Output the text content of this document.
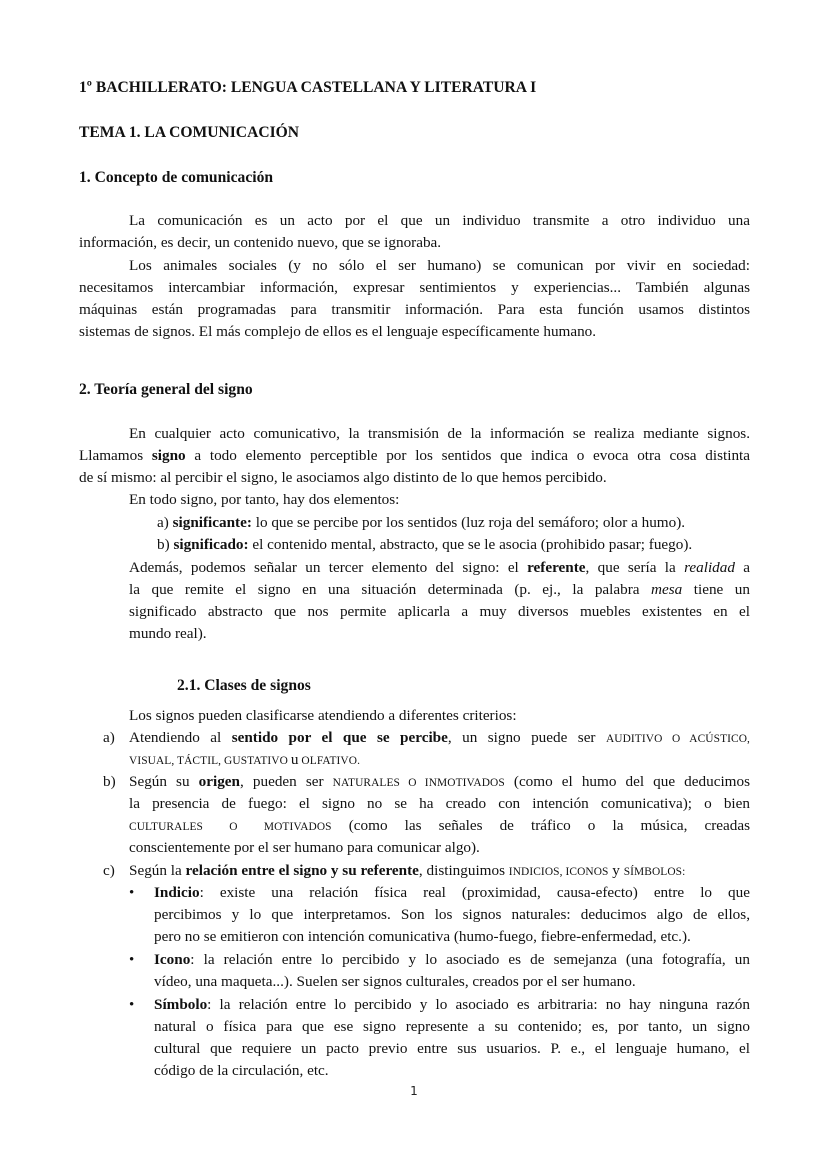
1º BACHILLERATO: LENGUA CASTELLANA Y LITERATURA I
TEMA 1. LA COMUNICACIÓN
1. Concepto de comunicación
La comunicación es un acto por el que un individuo transmite a otro individuo una
información, es decir, un contenido nuevo, que se ignoraba.
Los animales sociales (y no sólo el ser humano) se comunican por vivir en sociedad:
necesitamos intercambiar información, expresar sentimientos y experiencias... También algunas
máquinas están programadas para transmitir información. Para esta función usamos distintos
sistemas de signos. El más complejo de ellos es el lenguaje específicamente humano.
2. Teoría general del signo
En cualquier acto comunicativo, la transmisión de la información se realiza mediante signos.
Llamamos signo a todo elemento perceptible por los sentidos que indica o evoca otra cosa distinta
de sí mismo: al percibir el signo, le asociamos algo distinto de lo que hemos percibido.
En todo signo, por tanto, hay dos elementos:
a) significante: lo que se percibe por los sentidos (luz roja del semáforo; olor a humo).
b) significado: el contenido mental, abstracto, que se le asocia (prohibido pasar; fuego).
Además, podemos señalar un tercer elemento del signo: el referente, que sería la realidad a
la que remite el signo en una situación determinada (p. ej., la palabra mesa tiene un
significado abstracto que nos permite aplicarla a muy diversos muebles existentes en el
mundo real).
2.1. Clases de signos
Los signos pueden clasificarse atendiendo a diferentes criterios:
a) Atendiendo al sentido por el que se percibe, un signo puede ser AUDITIVO O ACÚSTICO,
VISUAL, TÁCTIL, GUSTATIVO u OLFATIVO.
b) Según su origen, pueden ser NATURALES O INMOTIVADOS (como el humo del que deducimos
la presencia de fuego: el signo no se ha creado con intención comunicativa); o bien
CULTURALES O MOTIVADOS (como las señales de tráfico o la música, creadas
conscientemente por el ser humano para comunicar algo).
c) Según la relación entre el signo y su referente, distinguimos INDICIOS, ICONOS y SÍMBOLOS:
• Indicio: existe una relación física real (proximidad, causa-efecto) entre lo que
percibimos y lo que interpretamos. Son los signos naturales: deducimos algo de ellos,
pero no se emitieron con intención comunicativa (humo-fuego, fiebre-enfermedad, etc.).
• Icono: la relación entre lo percibido y lo asociado es de semejanza (una fotografía, un
vídeo, una maqueta...). Suelen ser signos culturales, creados por el ser humano.
• Símbolo: la relación entre lo percibido y lo asociado es arbitraria: no hay ninguna razón
natural o física para que ese signo represente a su contenido; es, por tanto, un signo
cultural que requiere un pacto previo entre sus usuarios. P. e., el lenguaje humano, el
código de la circulación, etc.
1
